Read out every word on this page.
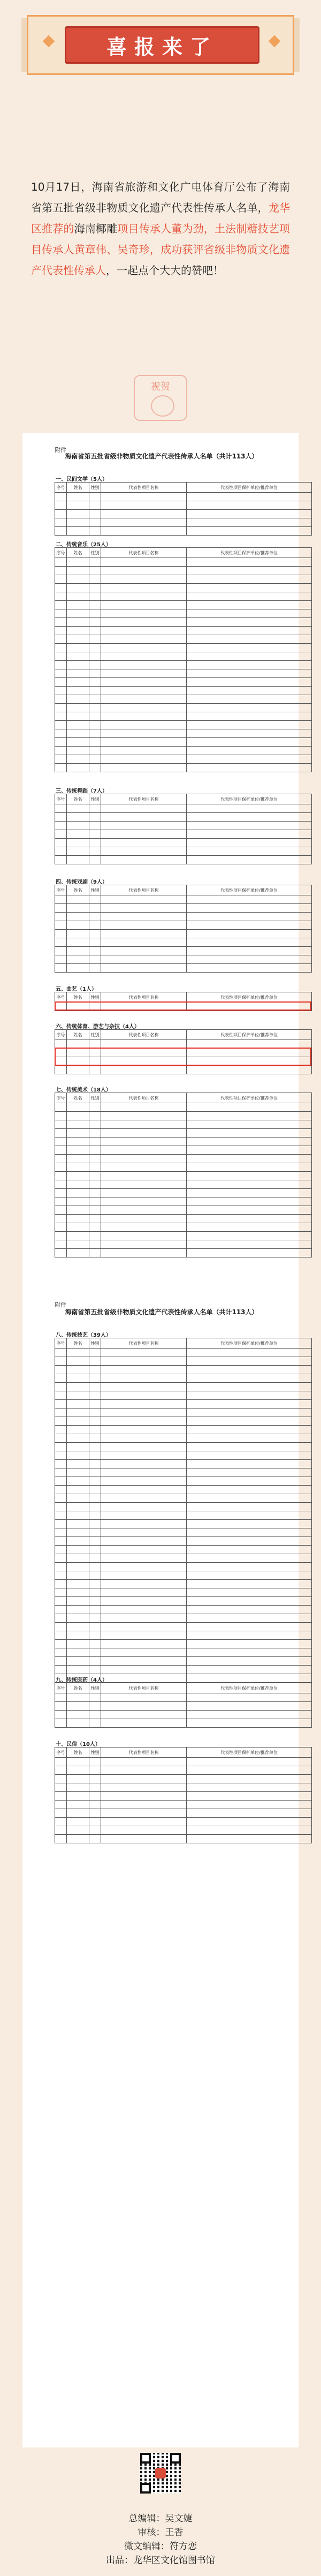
喜报来了
10月17日，海南省旅游和文化广电体育厅公布了海南省第五批省级非物质文化遗产代表性传承人名单，龙华区推荐的海南椰雕项目传承人董为劲，土法制糖技艺项目传承人黄章伟、吴奇珍，成功获评省级非物质文化遗产代表性传承人，一起点个大大的赞吧！
祝贺
附件
海南省第五批省级非物质文化遗产代表性传承人名单（共计113人）
一、民间文学（5人）
序号	姓名	性别	代表性项目名称	代表性项目保护单位/推荐单位

二、传统音乐（25人）
序号	姓名	性别	代表性项目名称	代表性项目保护单位/推荐单位

三、传统舞蹈（7人）
序号	姓名	性别	代表性项目名称	代表性项目保护单位/推荐单位

四、传统戏剧（9人）
序号	姓名	性别	代表性项目名称	代表性项目保护单位/推荐单位

五、曲艺（1人）
序号	姓名	性别	代表性项目名称	代表性项目保护单位/推荐单位

六、传统体育、游艺与杂技（4人）
序号	姓名	性别	代表性项目名称	代表性项目保护单位/推荐单位

七、传统美术（18人）
序号	姓名	性别	代表性项目名称	代表性项目保护单位/推荐单位

附件
海南省第五批省级非物质文化遗产代表性传承人名单（共计113人）
八、传统技艺（39人）
序号	姓名	性别	代表性项目名称	代表性项目保护单位/推荐单位

九、传统医药（4人）
序号	姓名	性别	代表性项目名称	代表性项目保护单位/推荐单位

十、民俗（10人）
序号	姓名	性别	代表性项目名称	代表性项目保护单位/推荐单位

总编辑：吴文婕
审核：王香
微文编辑：符方恋
出品：龙华区文化馆图书馆
